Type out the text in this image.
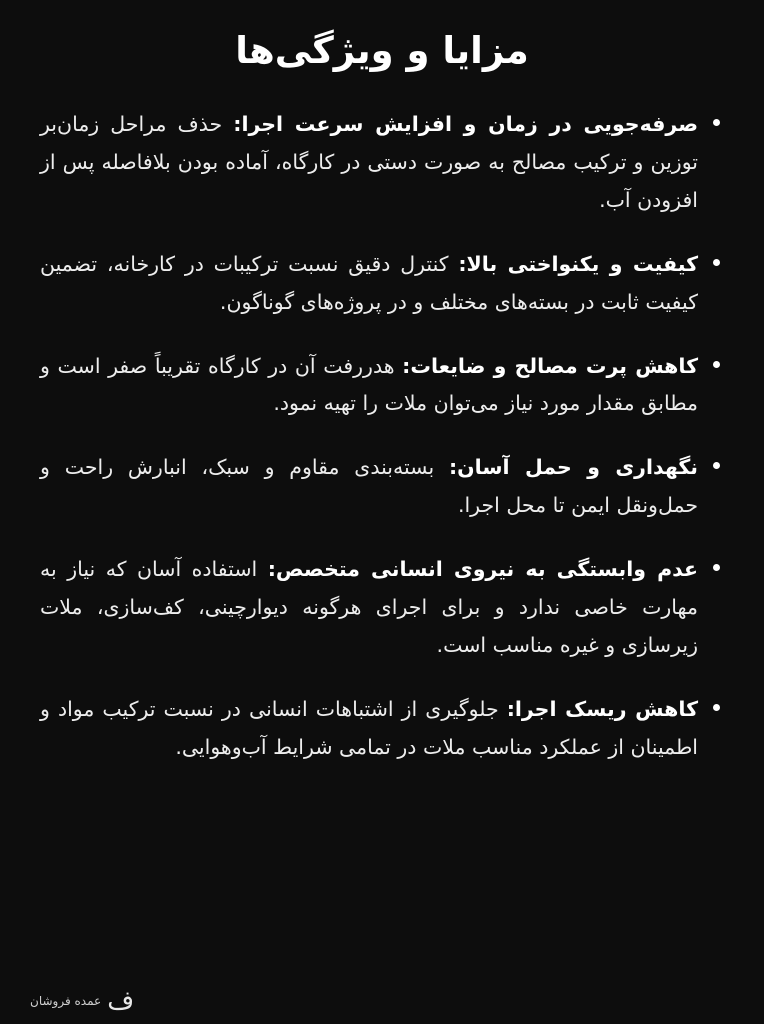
مزایا و ویژگی‌ها
صرفه‌جویی در زمان و افزایش سرعت اجرا: حذف مراحل زمان‌بر توزین و ترکیب مصالح به صورت دستی در کارگاه، آماده بودن بلافاصله پس از افزودن آب.
کیفیت و یکنواختی بالا: کنترل دقیق نسبت ترکیبات در کارخانه، تضمین کیفیت ثابت در بسته‌های مختلف و در پروژه‌های گوناگون.
کاهش پرت مصالح و ضایعات: هدررفت آن در کارگاه تقریباً صفر است و مطابق مقدار مورد نیاز می‌توان ملات را تهیه نمود.
نگهداری و حمل آسان: بسته‌بندی مقاوم و سبک، انبارش راحت و حمل‌ونقل ایمن تا محل اجرا.
عدم وابستگی به نیروی انسانی متخصص: استفاده آسان که نیاز به مهارت خاصی ندارد و برای اجرای هرگونه دیوارچینی، کف‌سازی، ملات زیرسازی و غیره مناسب است.
کاهش ریسک اجرا: جلوگیری از اشتباهات انسانی در نسبت ترکیب مواد و اطمینان از عملکرد مناسب ملات در تمامی شرایط آب‌وهوایی.
ف
عمده فروشان
